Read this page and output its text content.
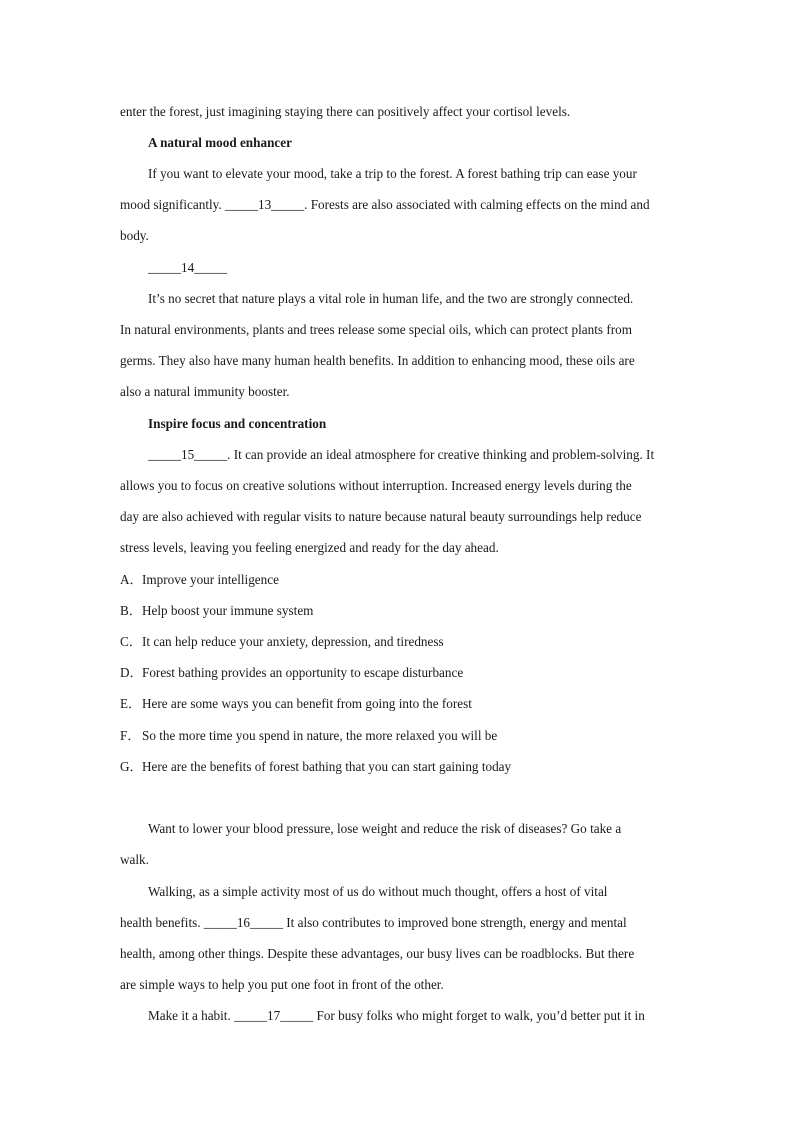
enter the forest, just imagining staying there can positively affect your cortisol levels.
A natural mood enhancer
If you want to elevate your mood, take a trip to the forest. A forest bathing trip can ease your
mood significantly. _____13_____. Forests are also associated with calming effects on the mind and
body.
_____14_____
It’s no secret that nature plays a vital role in human life, and the two are strongly connected.
In natural environments, plants and trees release some special oils, which can protect plants from
germs. They also have many human health benefits. In addition to enhancing mood, these oils are
also a natural immunity booster.
Inspire focus and concentration
_____15_____. It can provide an ideal atmosphere for creative thinking and problem-solving. It
allows you to focus on creative solutions without interruption. Increased energy levels during the
day are also achieved with regular visits to nature because natural beauty surroundings help reduce
stress levels, leaving you feeling energized and ready for the day ahead.
A．Improve your intelligence
B．Help boost your immune system
C．It can help reduce your anxiety, depression, and tiredness
D．Forest bathing provides an opportunity to escape disturbance
E．Here are some ways you can benefit from going into the forest
F．So the more time you spend in nature, the more relaxed you will be
G．Here are the benefits of forest bathing that you can start gaining today
Want to lower your blood pressure, lose weight and reduce the risk of diseases? Go take a
walk.
Walking, as a simple activity most of us do without much thought, offers a host of vital
health benefits. _____16_____ It also contributes to improved bone strength, energy and mental
health, among other things. Despite these advantages, our busy lives can be roadblocks. But there
are simple ways to help you put one foot in front of the other.
Make it a habit. _____17_____ For busy folks who might forget to walk, you’d better put it in
